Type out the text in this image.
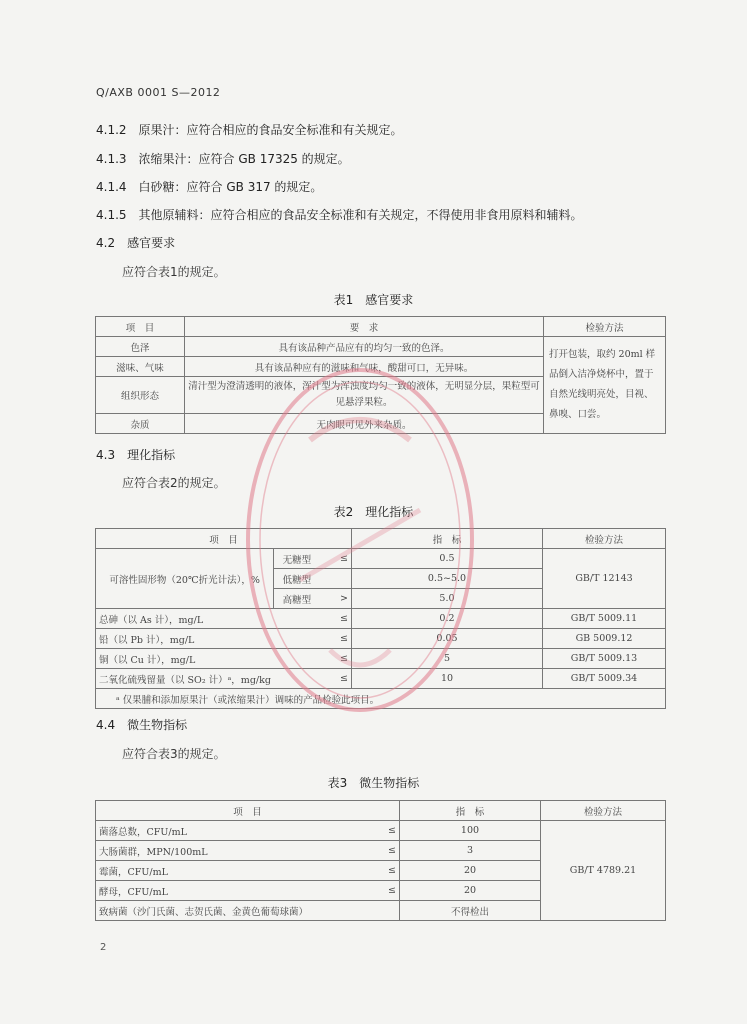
Q/AXB 0001 S—2012
4.1.2　原果汁：应符合相应的食品安全标准和有关规定。
4.1.3　浓缩果汁：应符合 GB 17325 的规定。
4.1.4　白砂糖：应符合 GB 317 的规定。
4.1.5　其他原辅料：应符合相应的食品安全标准和有关规定，不得使用非食用原料和辅料。
4.2　感官要求
应符合表1的规定。
表1　感官要求
项　目	要　求	检验方法
色泽	具有该品种产品应有的均匀一致的色泽。	打开包装，取约 20ml 样品倒入洁净烧杯中，置于自然光线明亮处，目视、鼻嗅、口尝。
滋味、气味	具有该品种应有的滋味和气味，酸甜可口，无异味。	
组织形态	清汁型为澄清透明的液体，浑汁型为浑浊度均匀一致的液体，无明显分层，果粒型可见悬浮果粒。	
杂质	无肉眼可见外来杂质。	
4.3　理化指标
应符合表2的规定。
表2　理化指标
项　目			指　标	检验方法
可溶性固形物（20℃折光计法），%	无糖型	≤	0.5	GB/T 12143
	低糖型		0.5~5.0	
	高糖型	>	5.0	
总砷（以 As 计），mg/L		≤	0.2	GB/T 5009.11
铅（以 Pb 计），mg/L		≤	0.05	GB 5009.12
铜（以 Cu 计），mg/L		≤	5	GB/T 5009.13
二氧化硫残留量（以 SO₂ 计）ᵃ，mg/kg		≤	10	GB/T 5009.34
ᵃ 仅果脯和添加原果汁（或浓缩果汁）调味的产品检验此项目。				
4.4　微生物指标
应符合表3的规定。
表3　微生物指标
项　目		指　标	检验方法
菌落总数，CFU/mL	≤	100	GB/T 4789.21
大肠菌群，MPN/100mL	≤	3	
霉菌，CFU/mL	≤	20	
酵母，CFU/mL	≤	20	
致病菌（沙门氏菌、志贺氏菌、金黄色葡萄球菌）		不得检出	
2
